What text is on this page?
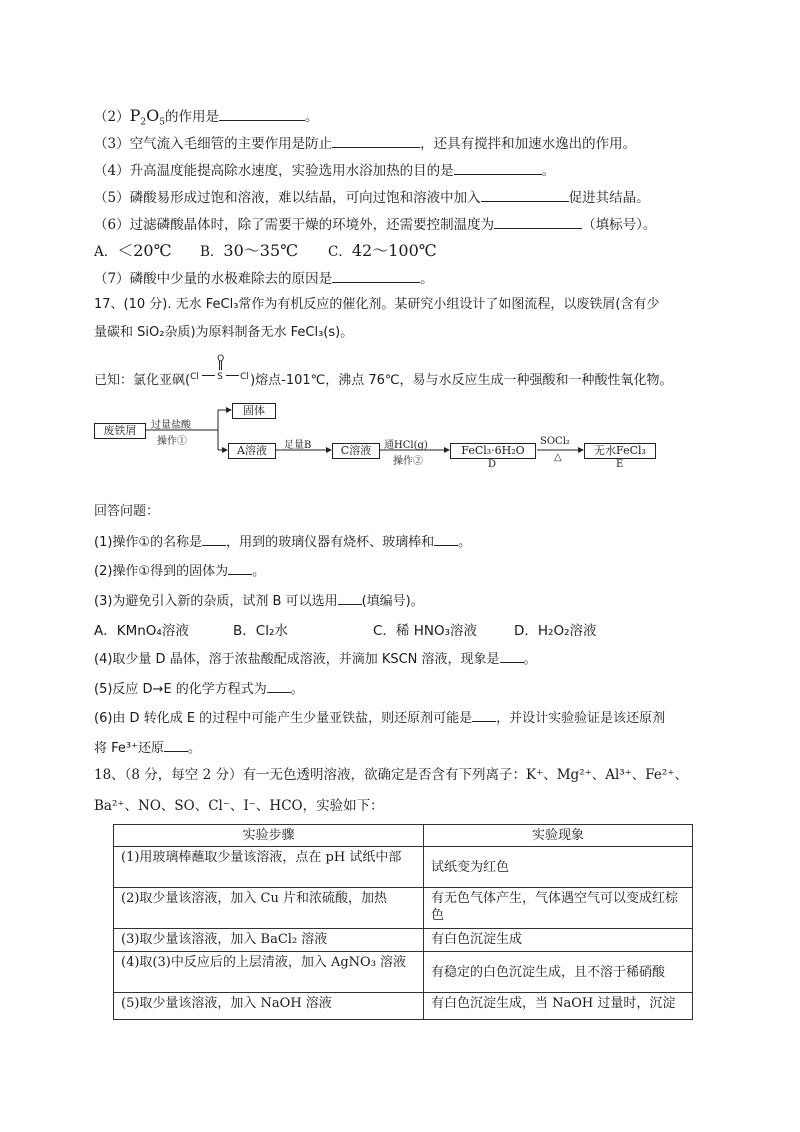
$(2)P_2O_5$的作用是	。
（3）空气流入毛细管的主要作用是防止	，还具有搅拌和加速水逸出的作用。
（4）升高温度能提高除水速度，实验选用水浴加热的目的是	。
（5）磷酸易形成过饱和溶液，难以结晶，可向过饱和溶液中加入	促进其结晶。
（6）过滤磷酸晶体时，除了需要干燥的环境外，还需要控制温度为	（填标号）。
A．＜20℃ B．30～35℃ C．42～100℃
（7）磷酸中少量的水极难除去的原因是	。
17、(10 分). 无水 FeCl₃常作为有机反应的催化剂。某研究小组设计了如图流程，以废铁屑(含有少
量碳和 SiO₂杂质)为原料制备无水 FeCl₃(s)。
已知：氯化亚砜(
O
Cl S Cl )熔点-101℃，沸点 76℃，易与水反应生成一种强酸和一种酸性氧化物。
废铁屑	过量盐酸
操作①
固体
A溶液	足量B	C溶液	通HCl(g)
操作②
FeCl₃·6H₂O
D
SOCl₂
△
无水FeCl₃
E
回答问题：
(1)操作①的名称是 ，用到的玻璃仪器有烧杯、玻璃棒和 。
(2)操作①得到的固体为 。
(3)为避免引入新的杂质，试剂 B 可以选用 (填编号)。
A．KMnO₄溶液	B．Cl₂水	C．稀 HNO₃溶液	D．H₂O₂溶液
(4)取少量 D 晶体，溶于浓盐酸配成溶液，并滴加 KSCN 溶液，现象是 。
(5)反应 D→E 的化学方程式为 。
(6)由 D 转化成 E 的过程中可能产生少量亚铁盐，则还原剂可能是 ，并设计实验验证是该还原剂
将 Fe³⁺还原 。
18、（8 分，每空 2 分）有一无色透明溶液，欲确定是否含有下列离子：K⁺、Mg²⁺、Al³⁺、Fe²⁺、
Ba²⁺、NO、SO、Cl⁻、I⁻、HCO，实验如下：
实验步骤	实验现象
(1)用玻璃棒蘸取少量该溶液，点在 pH 试纸中部	试纸变为红色
(2)取少量该溶液，加入 Cu 片和浓硫酸，加热	有无色气体产生，气体遇空气可以变成红棕色
(3)取少量该溶液，加入 BaCl₂ 溶液	有白色沉淀生成
(4)取(3)中反应后的上层清液，加入 AgNO₃ 溶液	有稳定的白色沉淀生成，且不溶于稀硝酸
(5)取少量该溶液，加入 NaOH 溶液	有白色沉淀生成，当 NaOH 过量时，沉淀
